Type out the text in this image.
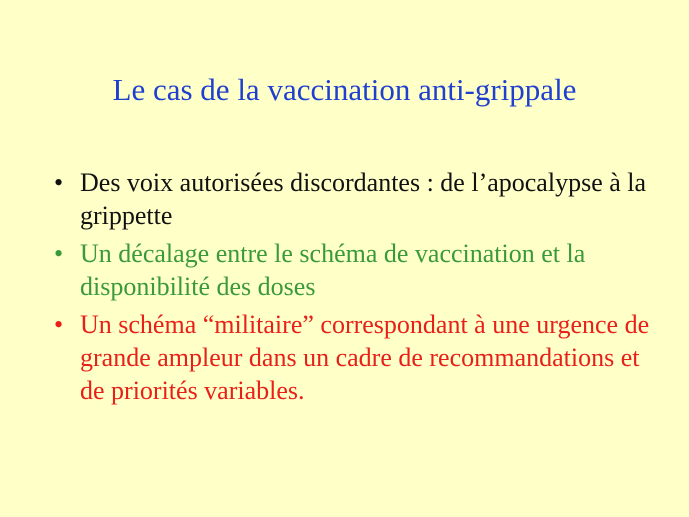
Le cas de la vaccination anti-grippale
• Des voix autorisées discordantes : de l’apocalypse à la grippette
• Un décalage entre le schéma de vaccination et la disponibilité des doses
• Un schéma “militaire” correspondant à une urgence de grande ampleur dans un cadre de recommandations et de priorités variables.
